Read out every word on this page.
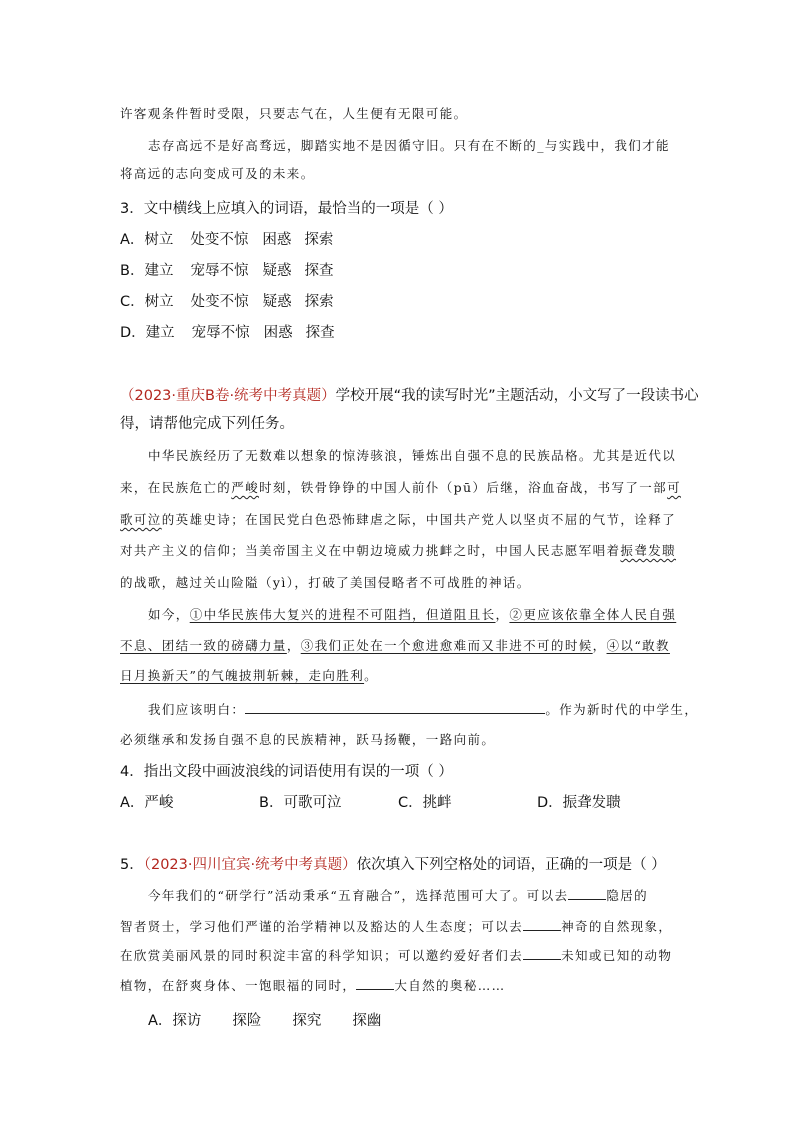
许客观条件暂时受限，只要志气在，人生便有无限可能。
志存高远不是好高骛远，脚踏实地不是因循守旧。只有在不断的_与实践中，我们才能
将高远的志向变成可及的未来。
3．文中横线上应填入的词语，最恰当的一项是（ ）
A．树立 处变不惊 困惑 探索
B．建立 宠辱不惊 疑惑 探查
C．树立 处变不惊 疑惑 探索
D．建立 宠辱不惊 困惑 探查
（2023·重庆B卷·统考中考真题）学校开展“我的读写时光”主题活动，小文写了一段读书心
得，请帮他完成下列任务。
中华民族经历了无数难以想象的惊涛骇浪，锤炼出自强不息的民族品格。尤其是近代以
来，在民族危亡的严峻时刻，铁骨铮铮的中国人前仆（pū）后继，浴血奋战，书写了一部可
歌可泣的英雄史诗；在国民党白色恐怖肆虐之际，中国共产党人以坚贞不屈的气节，诠释了
对共产主义的信仰；当美帝国主义在中朝边境威力挑衅之时，中国人民志愿军唱着振聋发聩
的战歌，越过关山险隘（yì），打破了美国侵略者不可战胜的神话。
如今，①中华民族伟大复兴的进程不可阻挡，但道阻且长，②更应该依靠全体人民自强
不息、团结一致的磅礴力量，③我们正处在一个愈进愈难而又非进不可的时候，④以“敢教
日月换新天”的气魄披荆斩棘，走向胜利。
我们应该明白：	。作为新时代的中学生，
必须继承和发扬自强不息的民族精神，跃马扬鞭，一路向前。
4．指出文段中画波浪线的词语使用有误的一项（ ）
A．严峻	B．可歌可泣	C．挑衅	D．振聋发聩
5．（2023·四川宜宾·统考中考真题）依次填入下列空格处的词语，正确的一项是（ ）
今年我们的“研学行”活动秉承“五育融合”，选择范围可大了。可以去	隐居的
智者贤士，学习他们严谨的治学精神以及豁达的人生态度；可以去	神奇的自然现象，
在欣赏美丽风景的同时积淀丰富的科学知识；可以邀约爱好者们去	未知或已知的动物
植物，在舒爽身体、一饱眼福的同时，	大自然的奥秘……
A．探访 探险 探究 探幽
